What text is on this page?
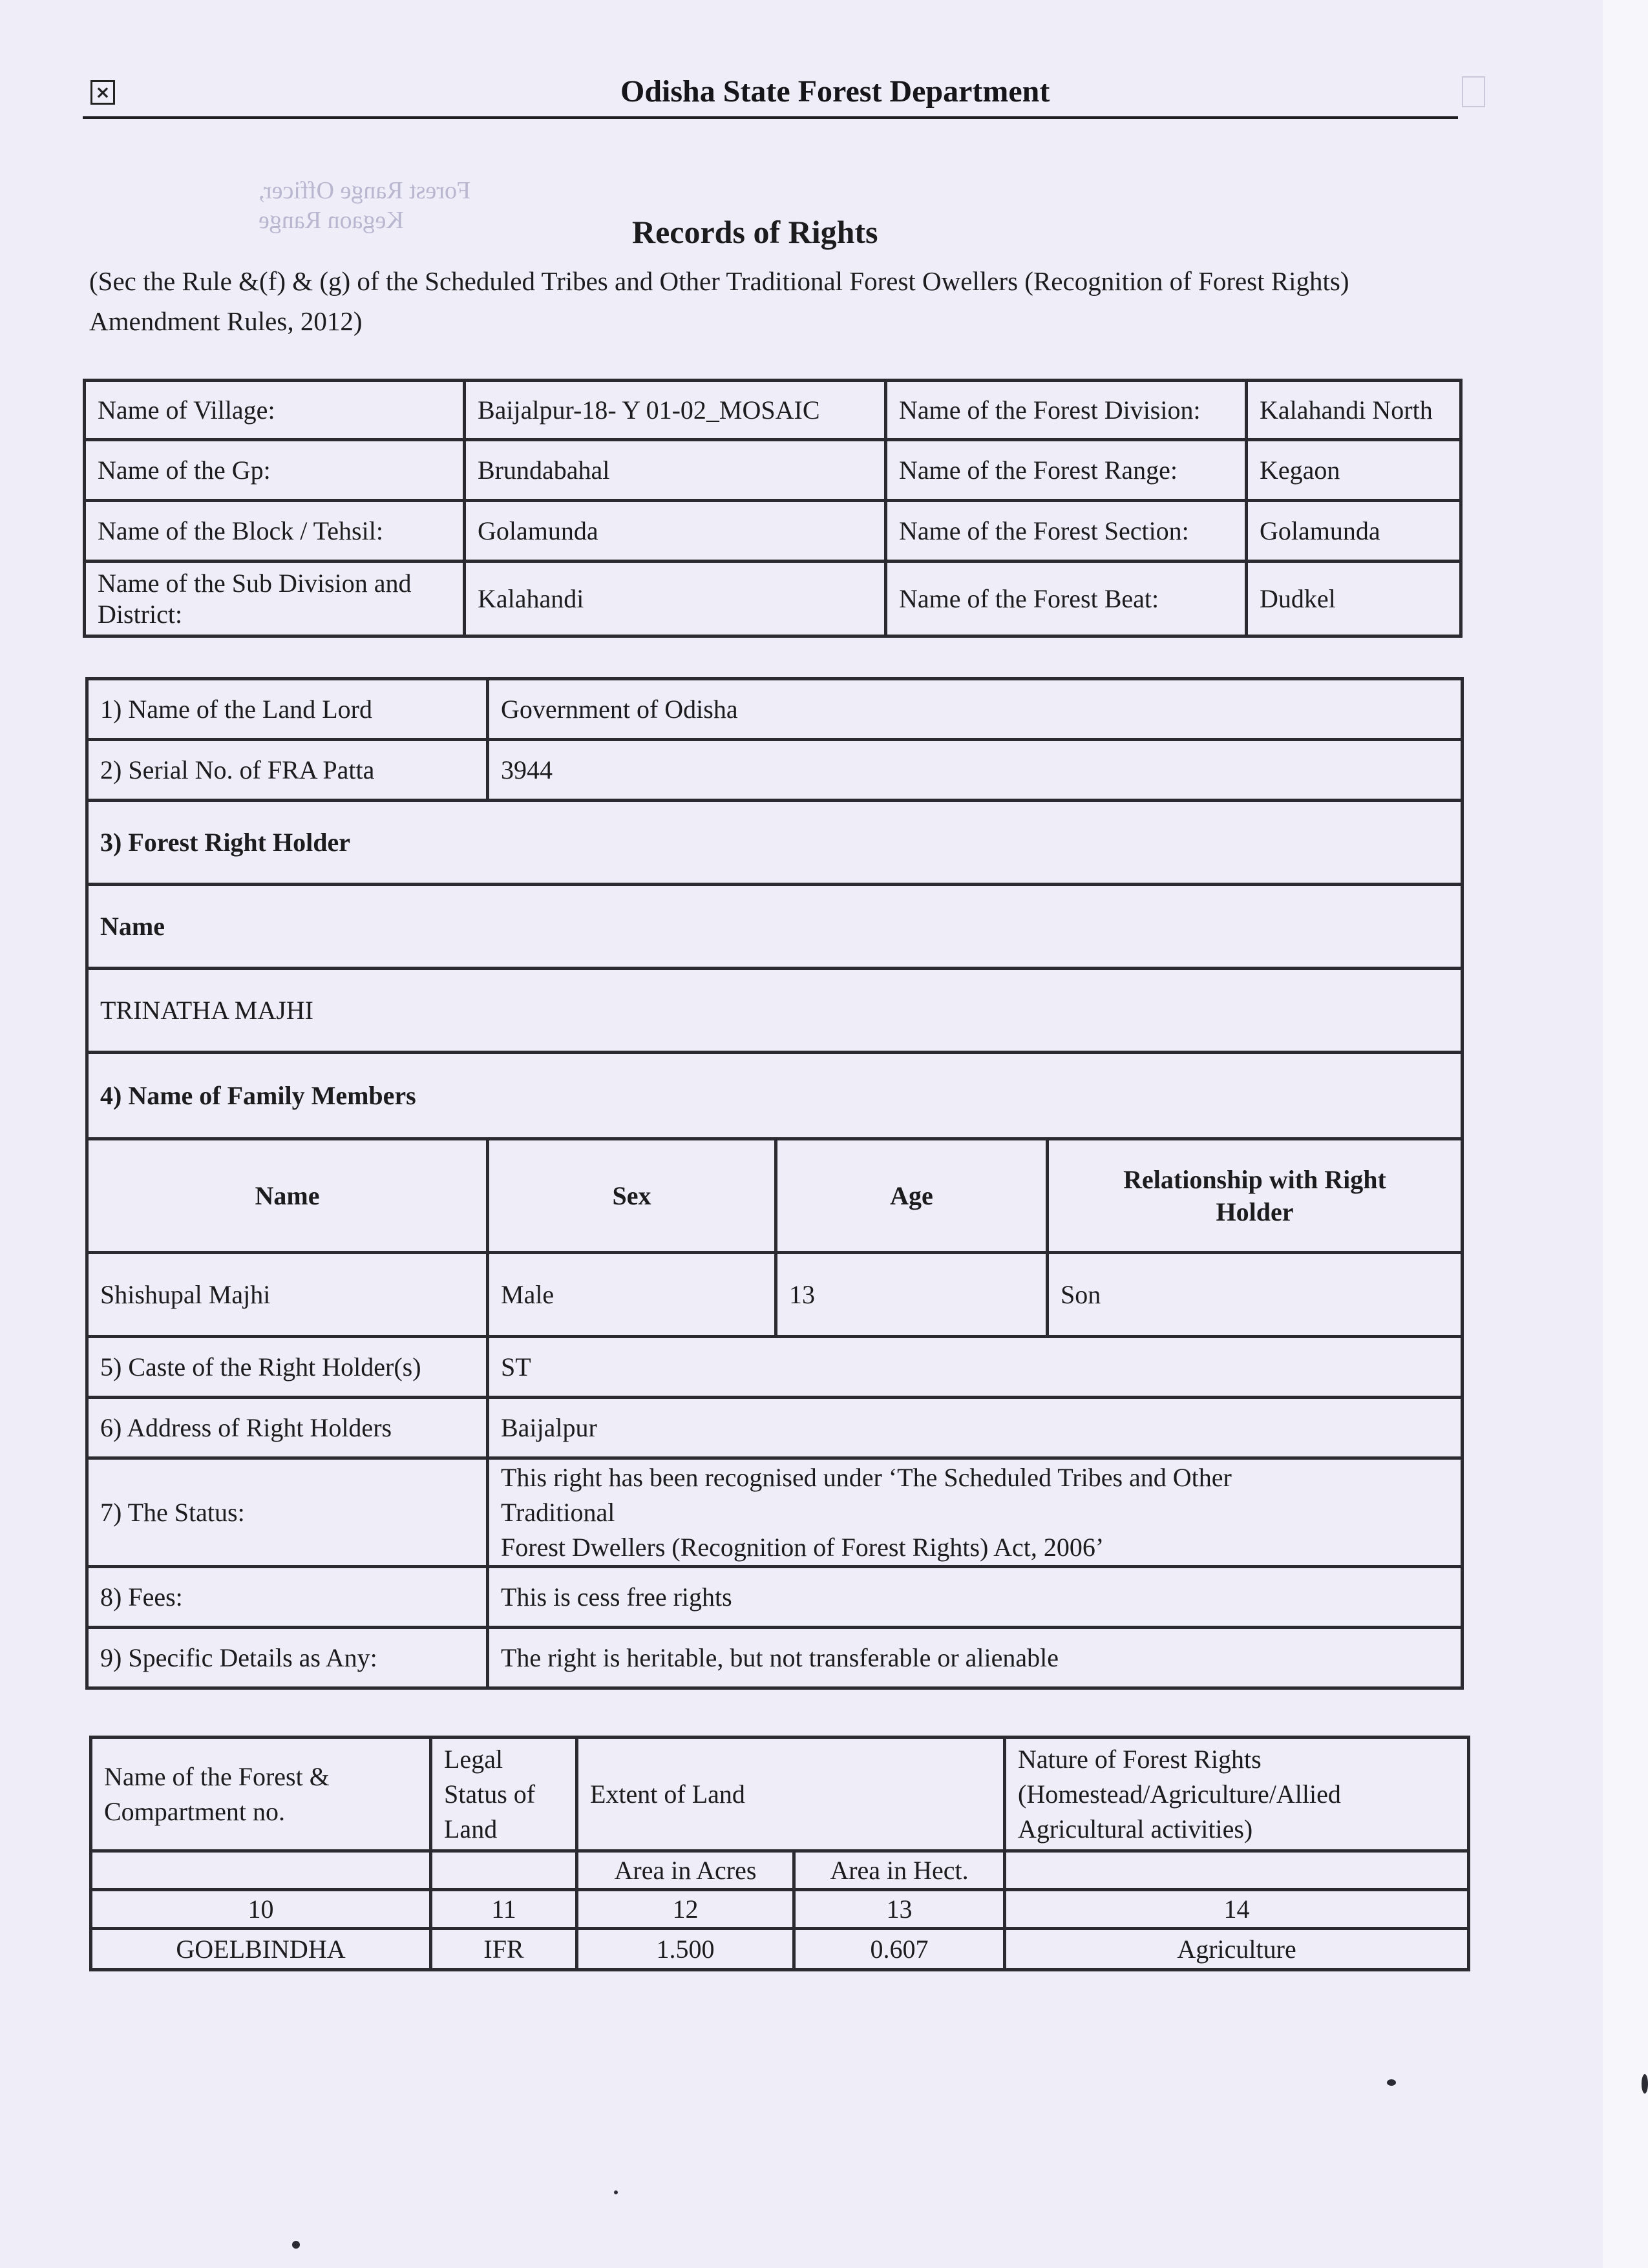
Forest Range Officer,
Kegaon Range
×	Odisha State Forest Department
Records of Rights
(Sec the Rule &(f) & (g) of the Scheduled Tribes and Other Traditional Forest Owellers (Recognition of Forest Rights) Amendment Rules, 2012)
Name of Village:	Baijalpur-18- Y 01-02_MOSAIC	Name of the Forest Division:	Kalahandi North
Name of the Gp:	Brundabahal	Name of the Forest Range:	Kegaon
Name of the Block / Tehsil:	Golamunda	Name of the Forest Section:	Golamunda
Name of the Sub Division and District:	Kalahandi	Name of the Forest Beat:	Dudkel
1) Name of the Land Lord	Government of Odisha		
2) Serial No. of FRA Patta	3944		
3) Forest Right Holder			
Name			
TRINATHA MAJHI			
4) Name of Family Members			
Name	Sex	Age	Relationship with Right Holder
Shishupal Majhi	Male	13	Son
5) Caste of the Right Holder(s)	ST		
6) Address of Right Holders	Baijalpur		
7) The Status:	This right has been recognised under ‘The Scheduled Tribes and Other
Traditional
Forest Dwellers (Recognition of Forest Rights) Act, 2006’		

8) Fees:	This is cess free rights		
9) Specific Details as Any:	The right is heritable, but not transferable or alienable		
Name of the Forest & Compartment no.	Legal Status of Land	Extent of Land		Nature of Forest Rights (Homestead/Agriculture/Allied Agricultural activities)
		Area in Acres	Area in Hect.	
10	11	12	13	14
GOELBINDHA	IFR	1.500	0.607	Agriculture
